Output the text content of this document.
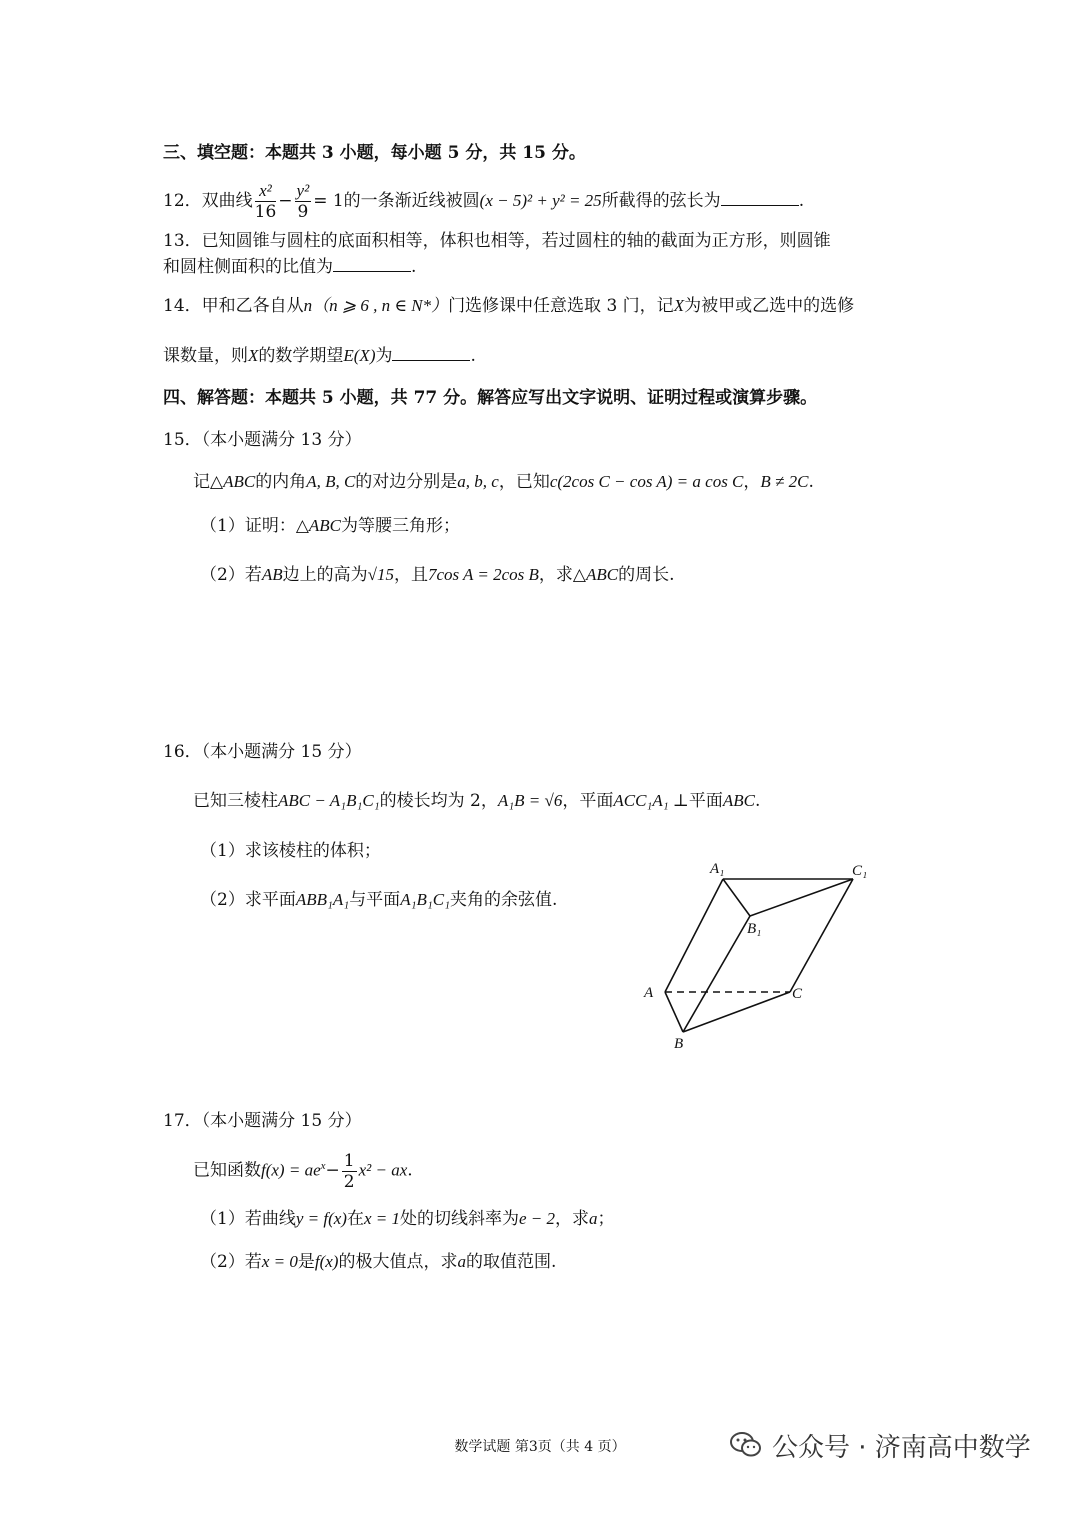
三、填空题：本题共 3 小题，每小题 5 分，共 15 分。
12．双曲线 $\frac{\text{x²}}{16} - \frac{\text{y²}}{9} = 1$的一条渐近线被圆(x − 5)² + y² = 25所截得的弦长为	.
13．已知圆锥与圆柱的底面积相等，体积也相等，若过圆柱的轴的截面为正方形，则圆锥
和圆柱侧面积的比值为	.
14．甲和乙各自从n（n ⩾ 6 , n ∈ N*）门选修课中任意选取 3 门，记X为被甲或乙选中的选修
课数量，则X的数学期望E(X)为	.
四、解答题：本题共 5 小题，共 77 分。解答应写出文字说明、证明过程或演算步骤。
15．（本小题满分 13 分）
记△ABC的内角A, B, C的对边分别是a, b, c，已知c(2cos C − cos A) = a cos C，B ≠ 2C.
（1）证明：△ABC为等腰三角形；
（2）若AB边上的高为√15，且7cos A = 2cos B，求△ABC的周长.
16．（本小题满分 15 分）
已知三棱柱ABC − A₁B₁C₁的棱长均为 2，A₁B = √6，平面ACC₁A₁ ⊥平面ABC.
（1）求该棱柱的体积；
（2）求平面ABB₁A₁与平面A₁B₁C₁夹角的余弦值.
A₁	C₁
B₁
A	C
B
17．（本小题满分 15 分）
已知函数$f(x) = ae^x- \frac{1}{2} x^2$ − ax.
（1）若曲线y = f(x)在x = 1处的切线斜率为e − 2，求a；
（2）若x = 0是f(x)的极大值点，求a的取值范围.
数学试题 第3页（共 4 页）	公众号 · 济南高中数学
